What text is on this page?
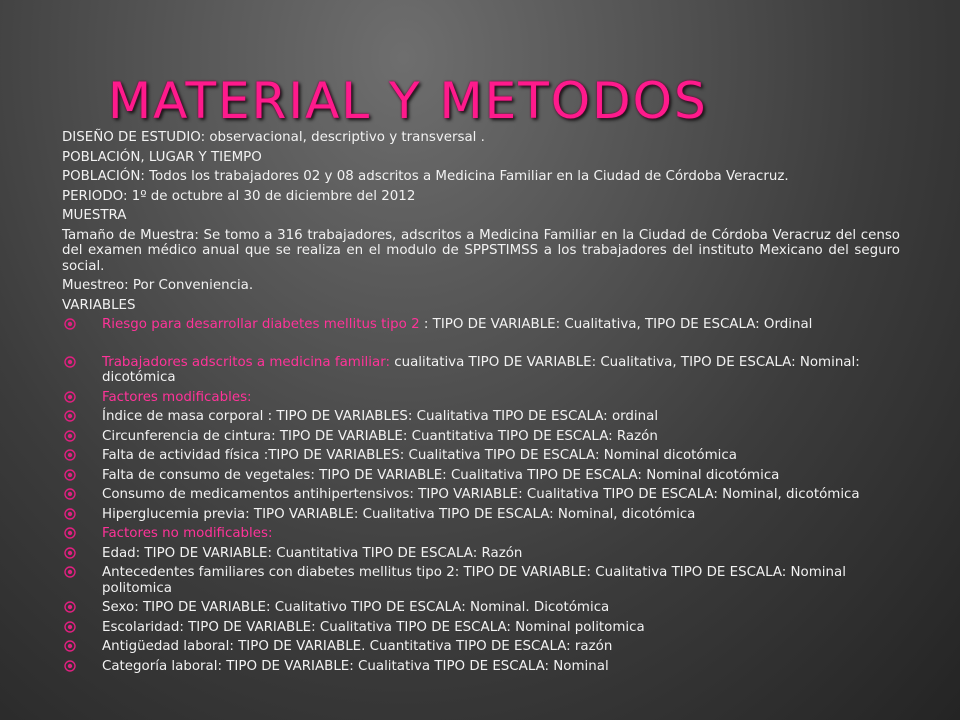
MATERIAL Y METODOS

DISEÑO DE ESTUDIO: observacional, descriptivo y transversal .

POBLACIÓN, LUGAR Y TIEMPO

POBLACIÓN: Todos los trabajadores 02 y 08 adscritos a Medicina Familiar en la Ciudad de Córdoba Veracruz.

PERIODO: 1º de octubre al 30 de diciembre del 2012

MUESTRA

Tamaño de Muestra: Se tomo a 316 trabajadores, adscritos a Medicina Familiar en la Ciudad de Córdoba Veracruz del censo del examen médico anual que se realiza en el modulo de SPPSTIMSS a los trabajadores del instituto Mexicano del seguro social.

Muestreo: Por Conveniencia.

VARIABLES

Riesgo para desarrollar diabetes mellitus tipo 2 : TIPO DE VARIABLE: Cualitativa, TIPO DE ESCALA: Ordinal
Trabajadores adscritos a medicina familiar: cualitativa TIPO DE VARIABLE: Cualitativa, TIPO DE ESCALA: Nominal: dicotómica
Factores modificables:
Índice de masa corporal : TIPO DE VARIABLES: Cualitativa TIPO DE ESCALA: ordinal
Circunferencia de cintura: TIPO DE VARIABLE: Cuantitativa TIPO DE ESCALA: Razón
Falta de actividad física :TIPO DE VARIABLES: Cualitativa TIPO DE ESCALA: Nominal dicotómica
Falta de consumo de vegetales: TIPO DE VARIABLE: Cualitativa TIPO DE ESCALA: Nominal dicotómica
Consumo de medicamentos antihipertensivos: TIPO VARIABLE: Cualitativa TIPO DE ESCALA: Nominal, dicotómica
Hiperglucemia previa: TIPO VARIABLE: Cualitativa TIPO DE ESCALA: Nominal, dicotómica
Factores no modificables:
Edad: TIPO DE VARIABLE: Cuantitativa TIPO DE ESCALA: Razón
Antecedentes familiares con diabetes mellitus tipo 2: TIPO DE VARIABLE: Cualitativa TIPO DE ESCALA: Nominal politomica
Sexo: TIPO DE VARIABLE: Cualitativo TIPO DE ESCALA: Nominal. Dicotómica
Escolaridad: TIPO DE VARIABLE: Cualitativa TIPO DE ESCALA: Nominal politomica
Antigüedad laboral: TIPO DE VARIABLE. Cuantitativa TIPO DE ESCALA: razón
Categoría laboral: TIPO DE VARIABLE: Cualitativa TIPO DE ESCALA: Nominal
